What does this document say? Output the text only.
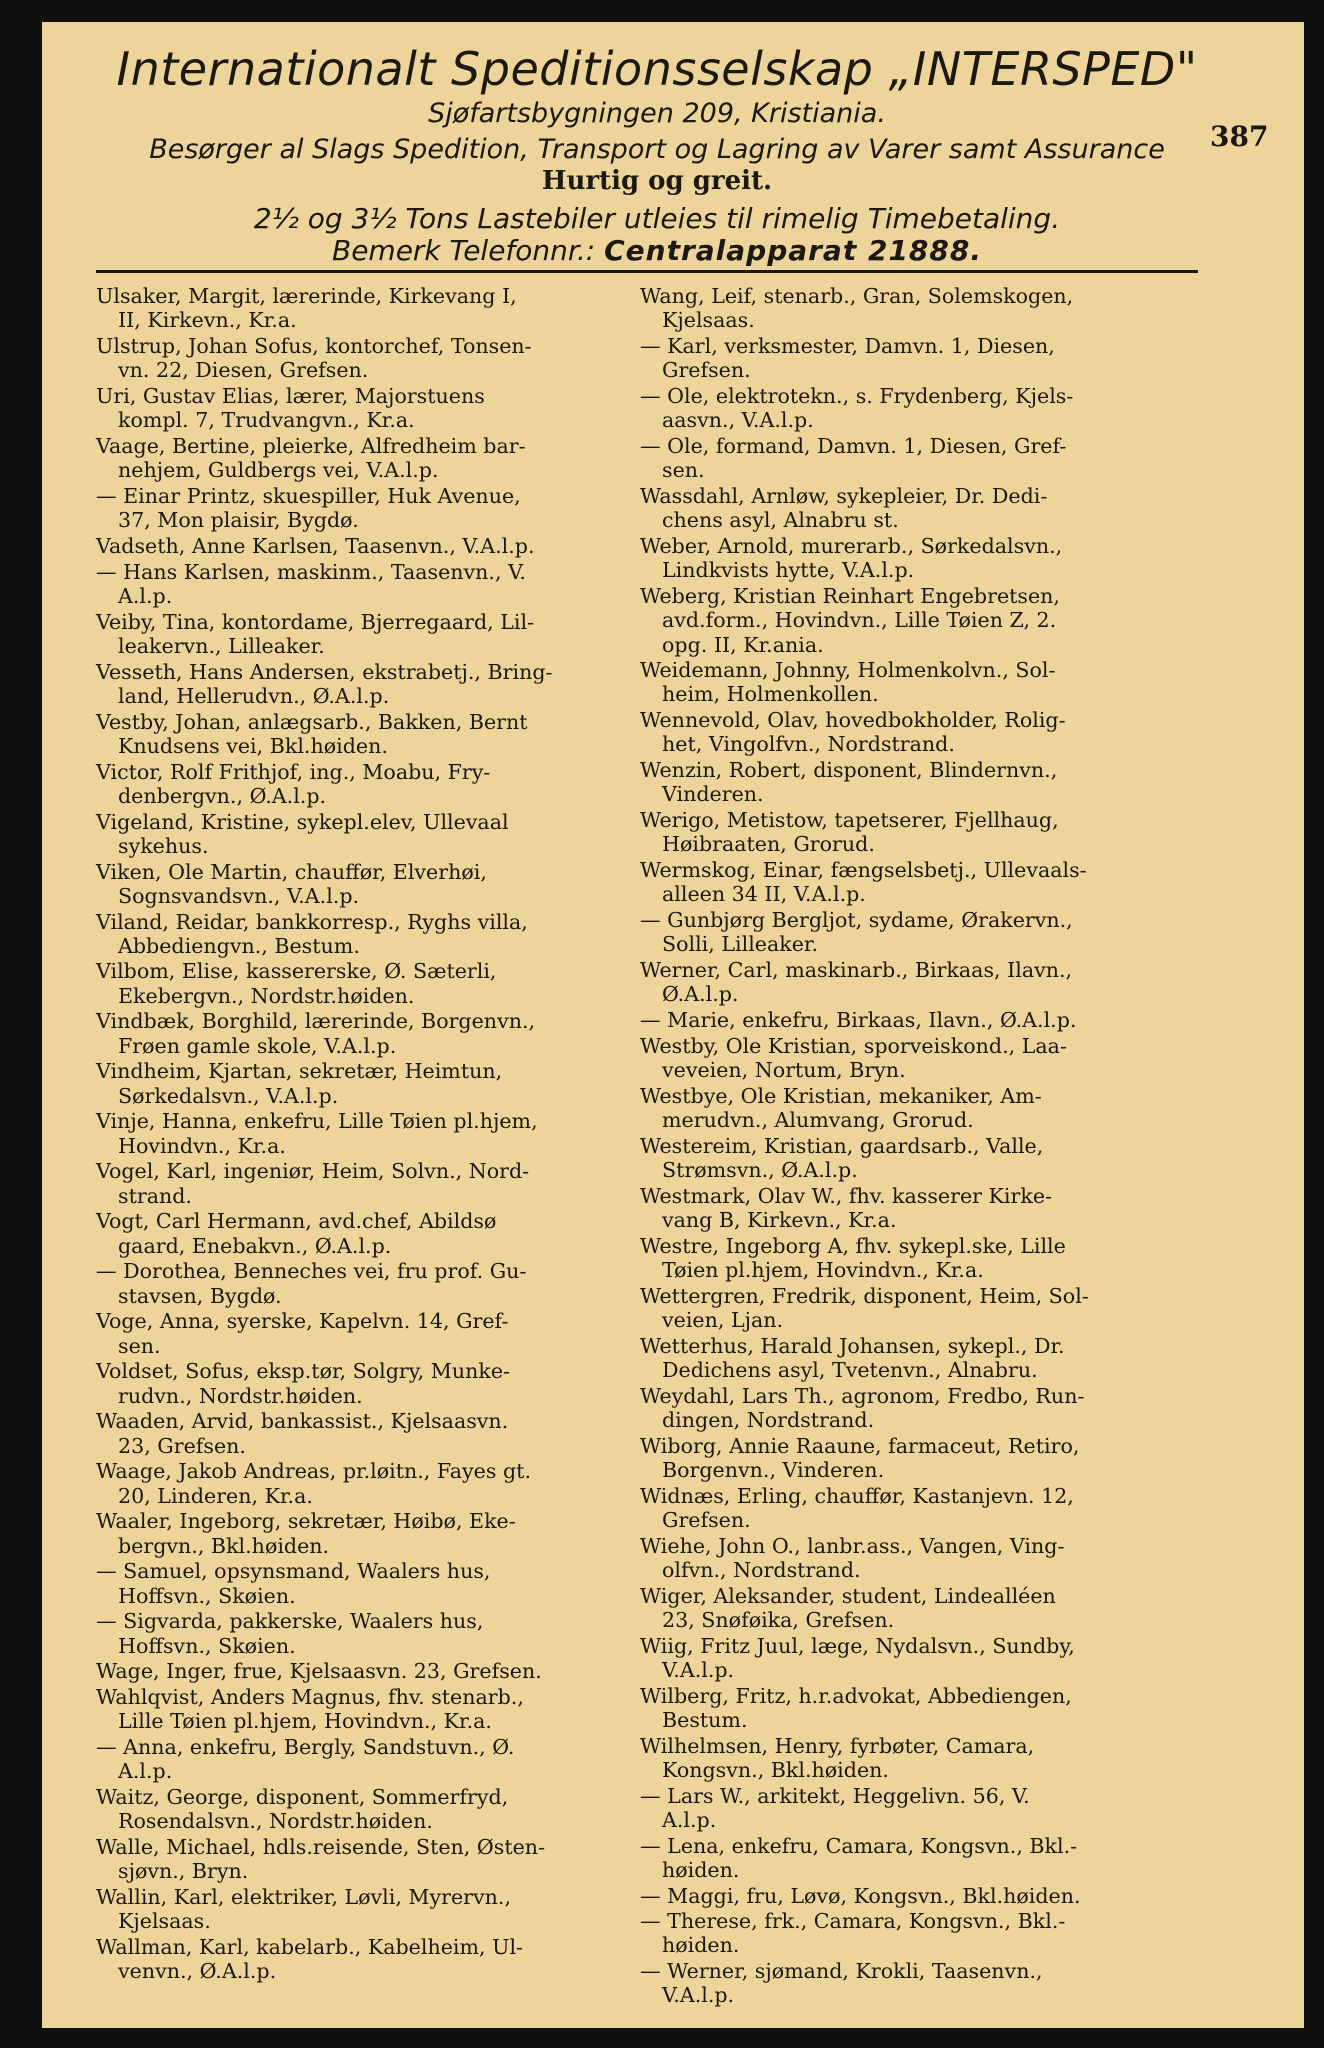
Internationalt Speditionsselskap „INTERSPED"
Sjøfartsbygningen 209, Kristiania.
Besørger al Slags Spedition, Transport og Lagring av Varer samt Assurance
Hurtig og greit.
2½ og 3½ Tons Lastebiler utleies til rimelig Timebetaling.
Bemerk Telefonnr.: Centralapparat 21888.
387
Ulsaker, Margit, lærerinde, Kirkevang I,
II, Kirkevn., Kr.a.
Ulstrup, Johan Sofus, kontorchef, Tonsen-
vn. 22, Diesen, Grefsen.
Uri, Gustav Elias, lærer, Majorstuens
kompl. 7, Trudvangvn., Kr.a.
Vaage, Bertine, pleierke, Alfredheim bar-
nehjem, Guldbergs vei, V.A.l.p.
— Einar Printz, skuespiller, Huk Avenue,
37, Mon plaisir, Bygdø.
Vadseth, Anne Karlsen, Taasenvn., V.A.l.p.
— Hans Karlsen, maskinm., Taasenvn., V.
A.l.p.
Veiby, Tina, kontordame, Bjerregaard, Lil-
leakervn., Lilleaker.
Vesseth, Hans Andersen, ekstrabetj., Bring-
land, Hellerudvn., Ø.A.l.p.
Vestby, Johan, anlægsarb., Bakken, Bernt
Knudsens vei, Bkl.høiden.
Victor, Rolf Frithjof, ing., Moabu, Fry-
denbergvn., Ø.A.l.p.
Vigeland, Kristine, sykepl.elev, Ullevaal
sykehus.
Viken, Ole Martin, chauffør, Elverhøi,
Sognsvandsvn., V.A.l.p.
Viland, Reidar, bankkorresp., Ryghs villa,
Abbediengvn., Bestum.
Vilbom, Elise, kassererske, Ø. Sæterli,
Ekebergvn., Nordstr.høiden.
Vindbæk, Borghild, lærerinde, Borgenvn.,
Frøen gamle skole, V.A.l.p.
Vindheim, Kjartan, sekretær, Heimtun,
Sørkedalsvn., V.A.l.p.
Vinje, Hanna, enkefru, Lille Tøien pl.hjem,
Hovindvn., Kr.a.
Vogel, Karl, ingeniør, Heim, Solvn., Nord-
strand.
Vogt, Carl Hermann, avd.chef, Abildsø
gaard, Enebakvn., Ø.A.l.p.
— Dorothea, Benneches vei, fru prof. Gu-
stavsen, Bygdø.
Voge, Anna, syerske, Kapelvn. 14, Gref-
sen.
Voldset, Sofus, eksp.tør, Solgry, Munke-
rudvn., Nordstr.høiden.
Waaden, Arvid, bankassist., Kjelsaasvn.
23, Grefsen.
Waage, Jakob Andreas, pr.løitn., Fayes gt.
20, Linderen, Kr.a.
Waaler, Ingeborg, sekretær, Høibø, Eke-
bergvn., Bkl.høiden.
— Samuel, opsynsmand, Waalers hus,
Hoffsvn., Skøien.
— Sigvarda, pakkerske, Waalers hus,
Hoffsvn., Skøien.
Wage, Inger, frue, Kjelsaasvn. 23, Grefsen.
Wahlqvist, Anders Magnus, fhv. stenarb.,
Lille Tøien pl.hjem, Hovindvn., Kr.a.
— Anna, enkefru, Bergly, Sandstuvn., Ø.
A.l.p.
Waitz, George, disponent, Sommerfryd,
Rosendalsvn., Nordstr.høiden.
Walle, Michael, hdls.reisende, Sten, Østen-
sjøvn., Bryn.
Wallin, Karl, elektriker, Løvli, Myrervn.,
Kjelsaas.
Wallman, Karl, kabelarb., Kabelheim, Ul-
venvn., Ø.A.l.p.
Wang, Leif, stenarb., Gran, Solemskogen,
Kjelsaas.
— Karl, verksmester, Damvn. 1, Diesen,
Grefsen.
— Ole, elektrotekn., s. Frydenberg, Kjels-
aasvn., V.A.l.p.
— Ole, formand, Damvn. 1, Diesen, Gref-
sen.
Wassdahl, Arnløw, sykepleier, Dr. Dedi-
chens asyl, Alnabru st.
Weber, Arnold, murerarb., Sørkedalsvn.,
Lindkvists hytte, V.A.l.p.
Weberg, Kristian Reinhart Engebretsen,
avd.form., Hovindvn., Lille Tøien Z, 2.
opg. II, Kr.ania.
Weidemann, Johnny, Holmenkolvn., Sol-
heim, Holmenkollen.
Wennevold, Olav, hovedbokholder, Rolig-
het, Vingolfvn., Nordstrand.
Wenzin, Robert, disponent, Blindernvn.,
Vinderen.
Werigo, Metistow, tapetserer, Fjellhaug,
Høibraaten, Grorud.
Wermskog, Einar, fængselsbetj., Ullevaals-
alleen 34 II, V.A.l.p.
— Gunbjørg Bergljot, sydame, Ørakervn.,
Solli, Lilleaker.
Werner, Carl, maskinarb., Birkaas, Ilavn.,
Ø.A.l.p.
— Marie, enkefru, Birkaas, Ilavn., Ø.A.l.p.
Westby, Ole Kristian, sporveiskond., Laa-
veveien, Nortum, Bryn.
Westbye, Ole Kristian, mekaniker, Am-
merudvn., Alumvang, Grorud.
Westereim, Kristian, gaardsarb., Valle,
Strømsvn., Ø.A.l.p.
Westmark, Olav W., fhv. kasserer Kirke-
vang B, Kirkevn., Kr.a.
Westre, Ingeborg A, fhv. sykepl.ske, Lille
Tøien pl.hjem, Hovindvn., Kr.a.
Wettergren, Fredrik, disponent, Heim, Sol-
veien, Ljan.
Wetterhus, Harald Johansen, sykepl., Dr.
Dedichens asyl, Tvetenvn., Alnabru.
Weydahl, Lars Th., agronom, Fredbo, Run-
dingen, Nordstrand.
Wiborg, Annie Raaune, farmaceut, Retiro,
Borgenvn., Vinderen.
Widnæs, Erling, chauffør, Kastanjevn. 12,
Grefsen.
Wiehe, John O., lanbr.ass., Vangen, Ving-
olfvn., Nordstrand.
Wiger, Aleksander, student, Lindealléen
23, Snøføika, Grefsen.
Wiig, Fritz Juul, læge, Nydalsvn., Sundby,
V.A.l.p.
Wilberg, Fritz, h.r.advokat, Abbediengen,
Bestum.
Wilhelmsen, Henry, fyrbøter, Camara,
Kongsvn., Bkl.høiden.
— Lars W., arkitekt, Heggelivn. 56, V.
A.l.p.
— Lena, enkefru, Camara, Kongsvn., Bkl.-
høiden.
— Maggi, fru, Løvø, Kongsvn., Bkl.høiden.
— Therese, frk., Camara, Kongsvn., Bkl.-
høiden.
— Werner, sjømand, Krokli, Taasenvn.,
V.A.l.p.
